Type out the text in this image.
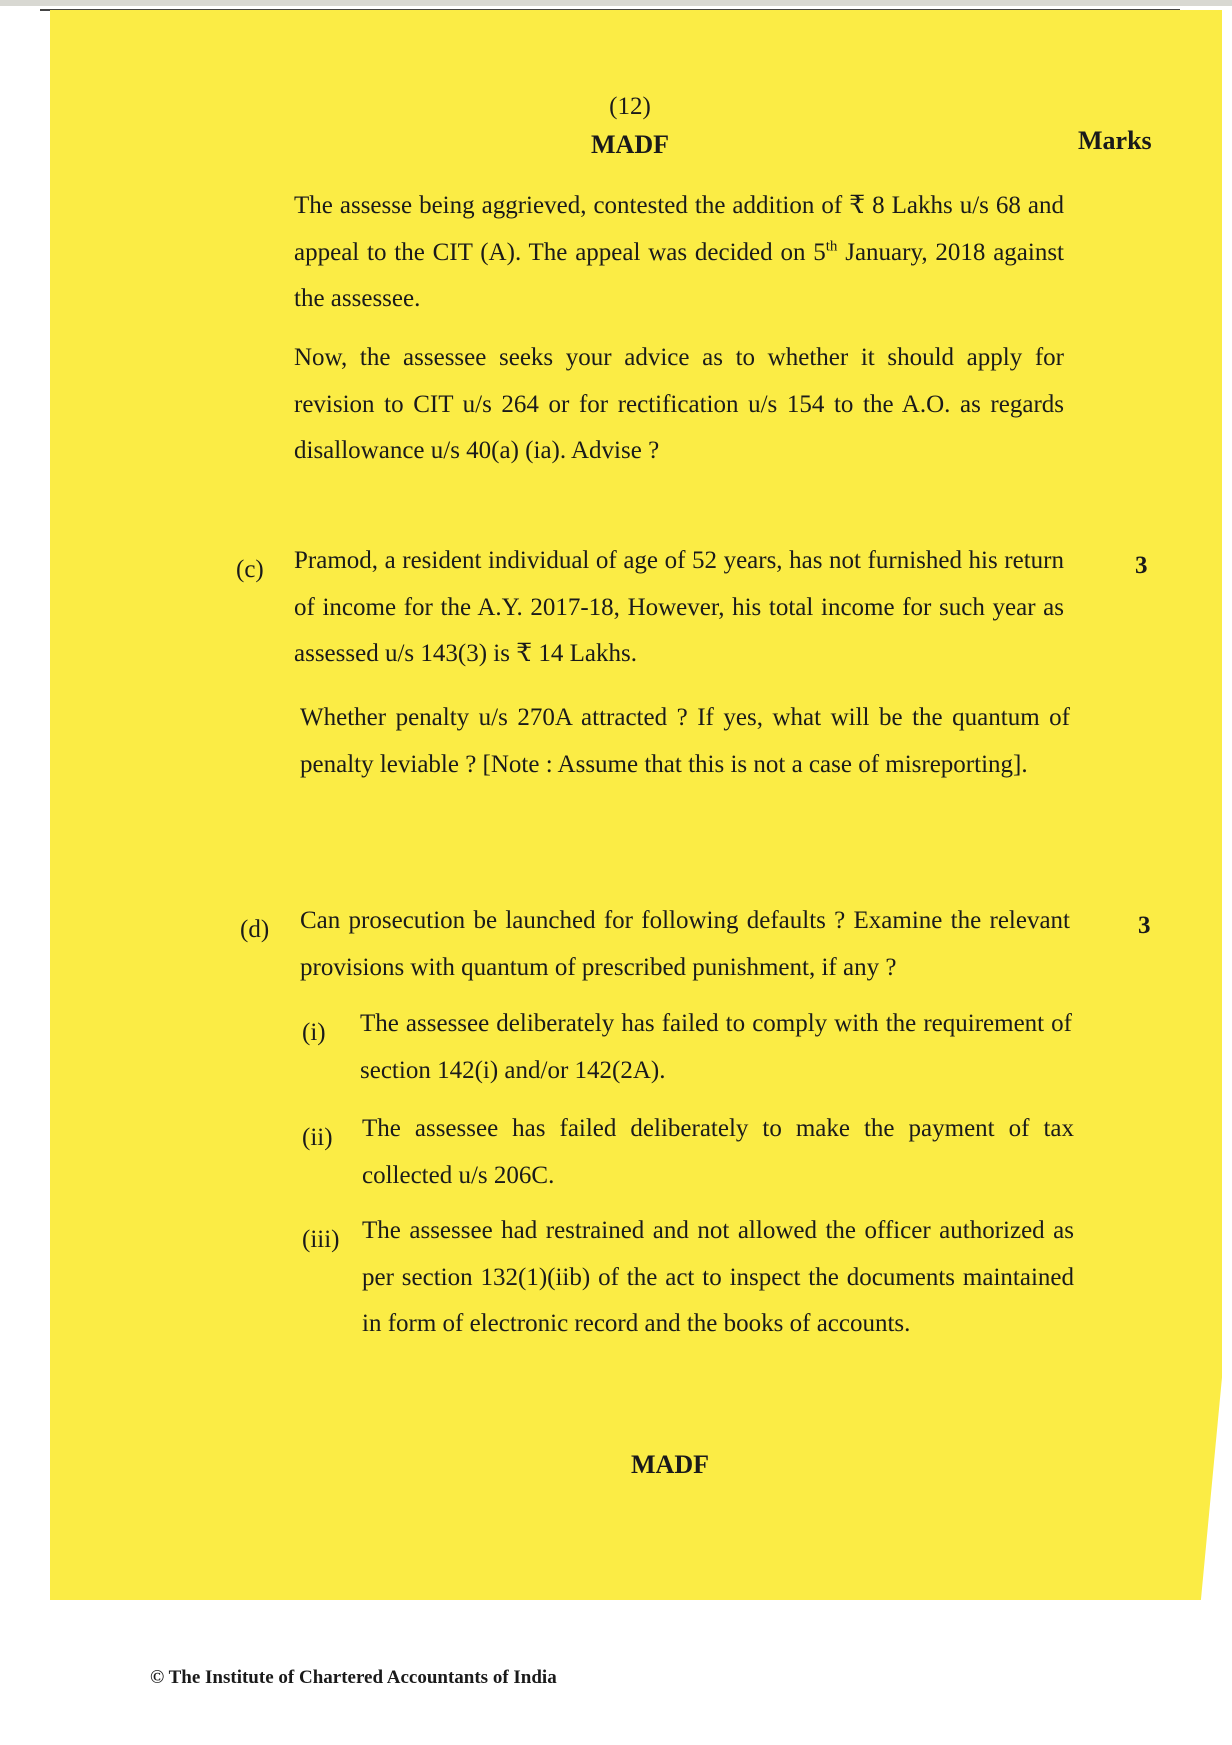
(12)
MADF	Marks
The assesse being aggrieved, contested the addition of ₹ 8 Lakhs u/s 68 and appeal to the CIT (A). The appeal was decided on 5th January, 2018 against the assessee.
Now, the assessee seeks your advice as to whether it should apply for revision to CIT u/s 264 or for rectification u/s 154 to the A.O. as regards disallowance u/s 40(a) (ia). Advise ?
(c)	3
Pramod, a resident individual of age of 52 years, has not furnished his return of income for the A.Y. 2017-18, However, his total income for such year as assessed u/s 143(3) is ₹ 14 Lakhs.
Whether penalty u/s 270A attracted ? If yes, what will be the quantum of penalty leviable ? [Note : Assume that this is not a case of misreporting].
(d)	3
Can prosecution be launched for following defaults ? Examine the relevant provisions with quantum of prescribed punishment, if any ?
(i) The assessee deliberately has failed to comply with the requirement of section 142(i) and/or 142(2A).
(ii) The assessee has failed deliberately to make the payment of tax collected u/s 206C.
(iii) The assessee had restrained and not allowed the officer authorized as per section 132(1)(iib) of the act to inspect the documents maintained in form of electronic record and the books of accounts.
MADF
© The Institute of Chartered Accountants of India
